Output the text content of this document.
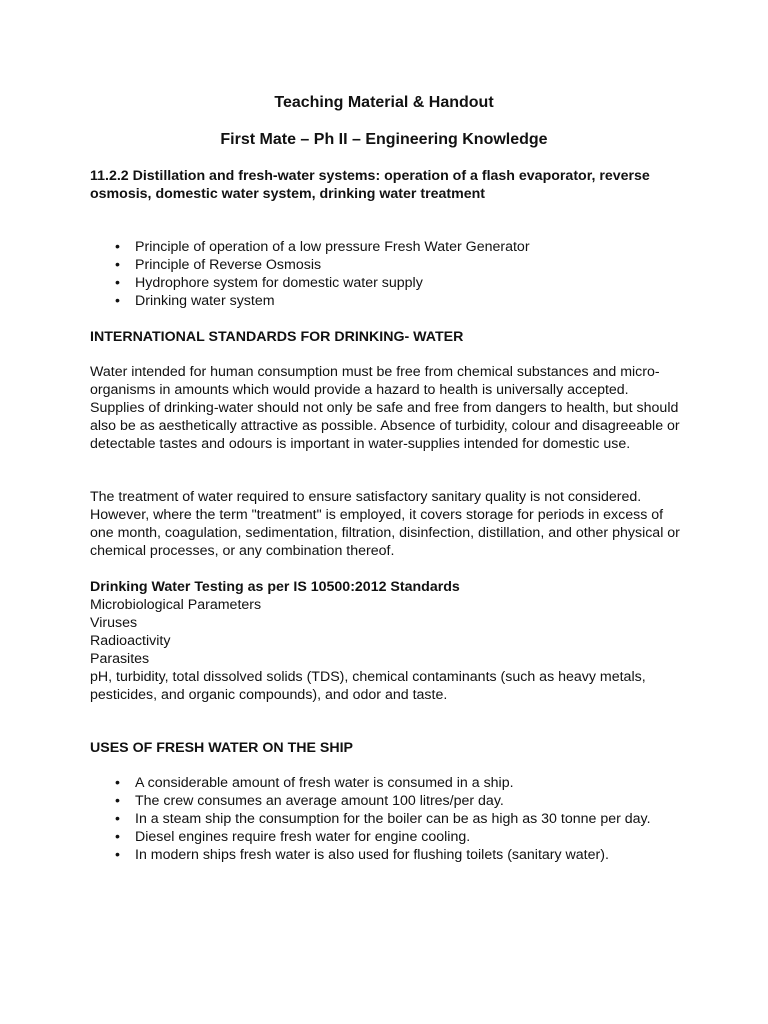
Teaching Material & Handout
First Mate – Ph II – Engineering Knowledge
11.2.2 Distillation and fresh-water systems: operation of a flash evaporator, reverse osmosis, domestic water system, drinking water treatment
• Principle of operation of a low pressure Fresh Water Generator
• Principle of Reverse Osmosis
• Hydrophore system for domestic water supply
• Drinking water system
INTERNATIONAL STANDARDS FOR DRINKING- WATER

Water intended for human consumption must be free from chemical substances and micro-organisms in amounts which would provide a hazard to health is universally accepted. Supplies of drinking-water should not only be safe and free from dangers to health, but should also be as aesthetically attractive as possible. Absence of turbidity, colour and disagreeable or detectable tastes and odours is important in water-supplies intended for domestic use.

The treatment of water required to ensure satisfactory sanitary quality is not considered. However, where the term "treatment" is employed, it covers storage for periods in excess of one month, coagulation, sedimentation, filtration, disinfection, distillation, and other physical or chemical processes, or any combination thereof.

Drinking Water Testing as per IS 10500:2012 Standards
Microbiological Parameters
Viruses
Radioactivity
Parasites
pH, turbidity, total dissolved solids (TDS), chemical contaminants (such as heavy metals, pesticides, and organic compounds), and odor and taste.
USES OF FRESH WATER ON THE SHIP
• A considerable amount of fresh water is consumed in a ship.
• The crew consumes an average amount 100 litres/per day.
• In a steam ship the consumption for the boiler can be as high as 30 tonne per day.
• Diesel engines require fresh water for engine cooling.
• In modern ships fresh water is also used for flushing toilets (sanitary water).
